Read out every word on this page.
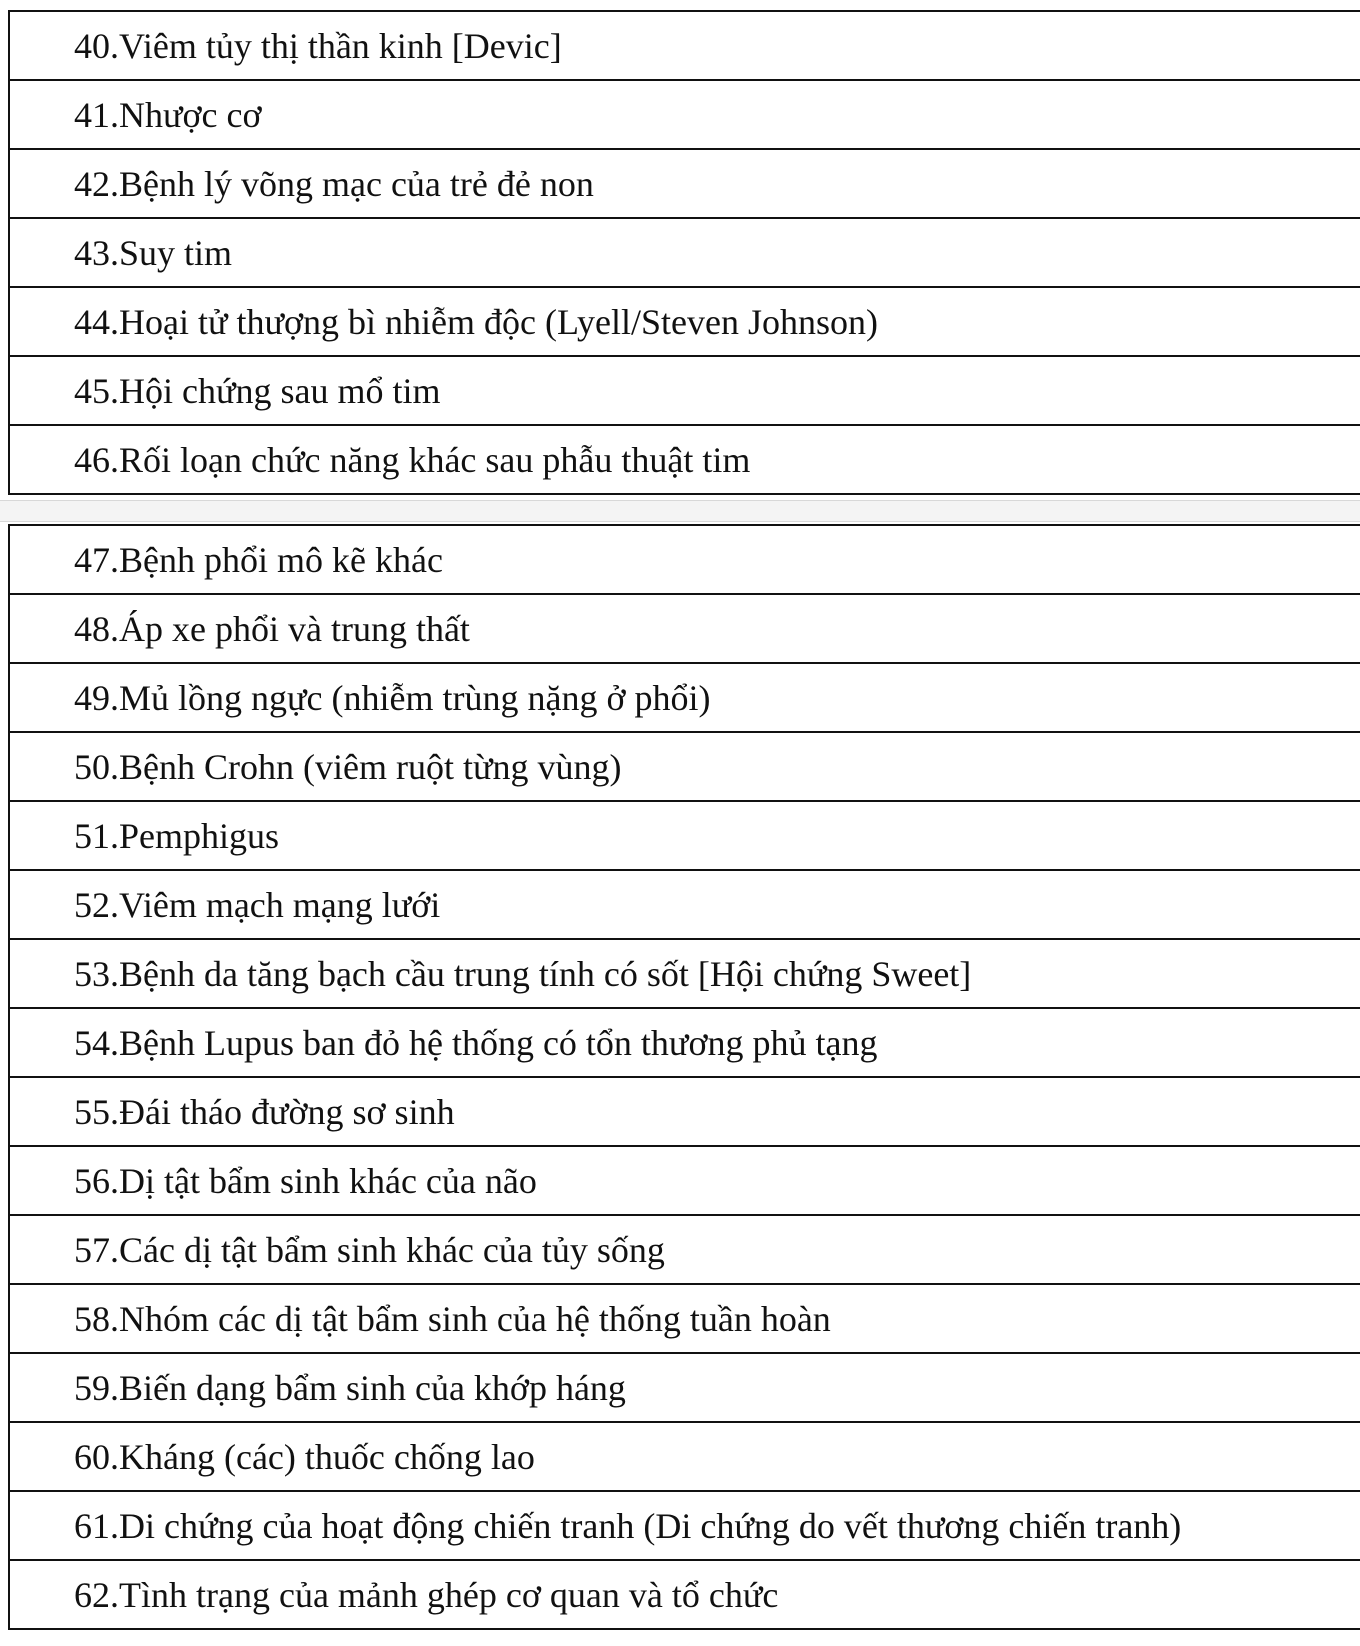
40.Viêm tủy thị thần kinh [Devic]
41.Nhược cơ
42.Bệnh lý võng mạc của trẻ đẻ non
43.Suy tim
44.Hoại tử thượng bì nhiễm độc (Lyell/Steven Johnson)
45.Hội chứng sau mổ tim
46.Rối loạn chức năng khác sau phẫu thuật tim
47.Bệnh phổi mô kẽ khác
48.Áp xe phổi và trung thất
49.Mủ lồng ngực (nhiễm trùng nặng ở phổi)
50.Bệnh Crohn (viêm ruột từng vùng)
51.Pemphigus
52.Viêm mạch mạng lưới
53.Bệnh da tăng bạch cầu trung tính có sốt [Hội chứng Sweet]
54.Bệnh Lupus ban đỏ hệ thống có tổn thương phủ tạng
55.Đái tháo đường sơ sinh
56.Dị tật bẩm sinh khác của não
57.Các dị tật bẩm sinh khác của tủy sống
58.Nhóm các dị tật bẩm sinh của hệ thống tuần hoàn
59.Biến dạng bẩm sinh của khớp háng
60.Kháng (các) thuốc chống lao
61.Di chứng của hoạt động chiến tranh (Di chứng do vết thương chiến tranh)
62.Tình trạng của mảnh ghép cơ quan và tổ chức
